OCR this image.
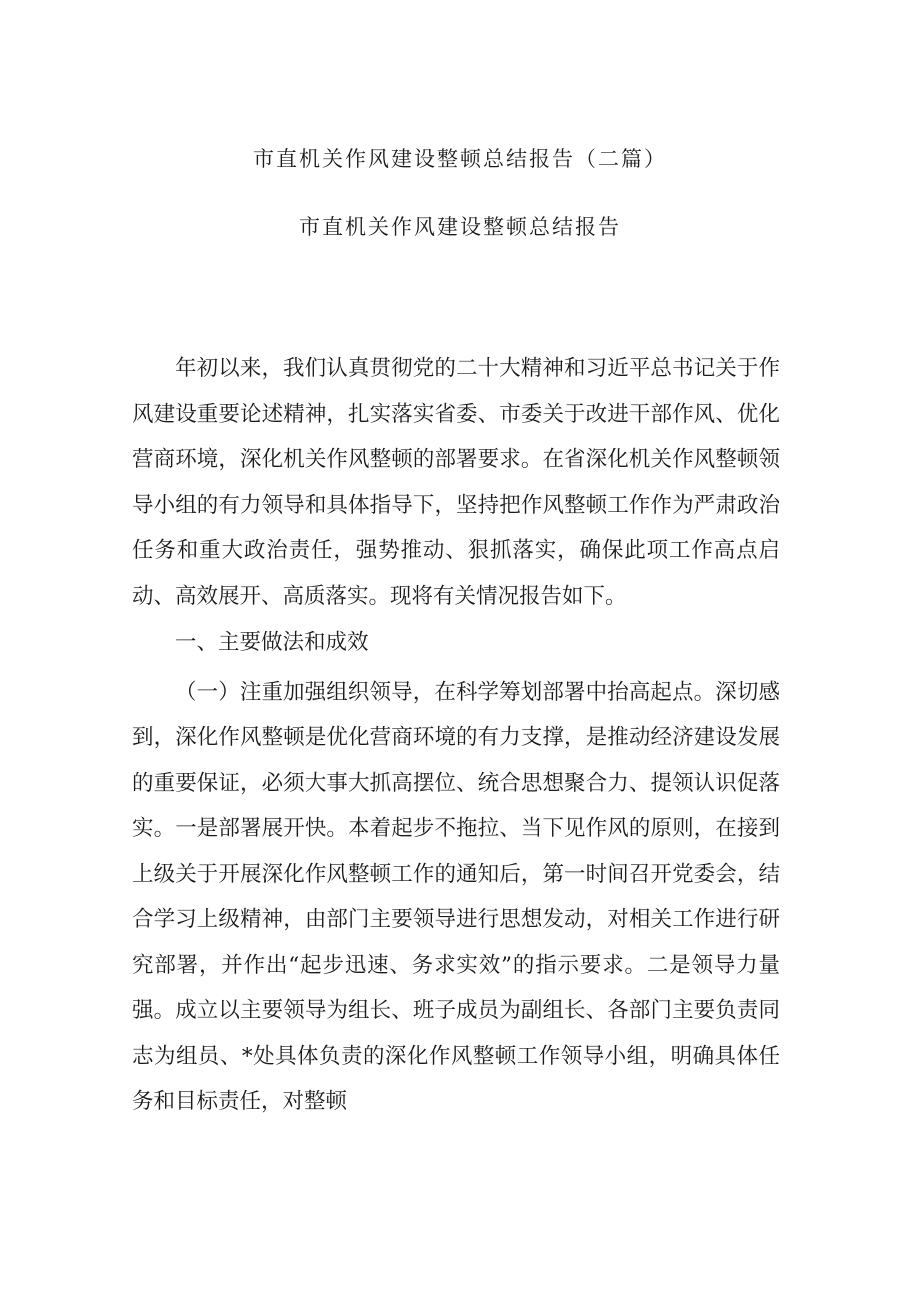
市直机关作风建设整顿总结报告（二篇）
市直机关作风建设整顿总结报告

年初以来，我们认真贯彻党的二十大精神和习近平总书记关于作风建设重要论述精神，扎实落实省委、市委关于改进干部作风、优化营商环境，深化机关作风整顿的部署要求。在省深化机关作风整顿领导小组的有力领导和具体指导下，坚持把作风整顿工作作为严肃政治任务和重大政治责任，强势推动、狠抓落实，确保此项工作高点启动、高效展开、高质落实。现将有关情况报告如下。

一、主要做法和成效

（一）注重加强组织领导，在科学筹划部署中抬高起点。深切感到，深化作风整顿是优化营商环境的有力支撑，是推动经济建设发展的重要保证，必须大事大抓高摆位、统合思想聚合力、提领认识促落实。一是部署展开快。本着起步不拖拉、当下见作风的原则，在接到上级关于开展深化作风整顿工作的通知后，第一时间召开党委会，结合学习上级精神，由部门主要领导进行思想发动，对相关工作进行研究部署，并作出“起步迅速、务求实效”的指示要求。二是领导力量强。成立以主要领导为组长、班子成员为副组长、各部门主要负责同志为组员、*处具体负责的深化作风整顿工作领导小组，明确具体任务和目标责任，对整顿
